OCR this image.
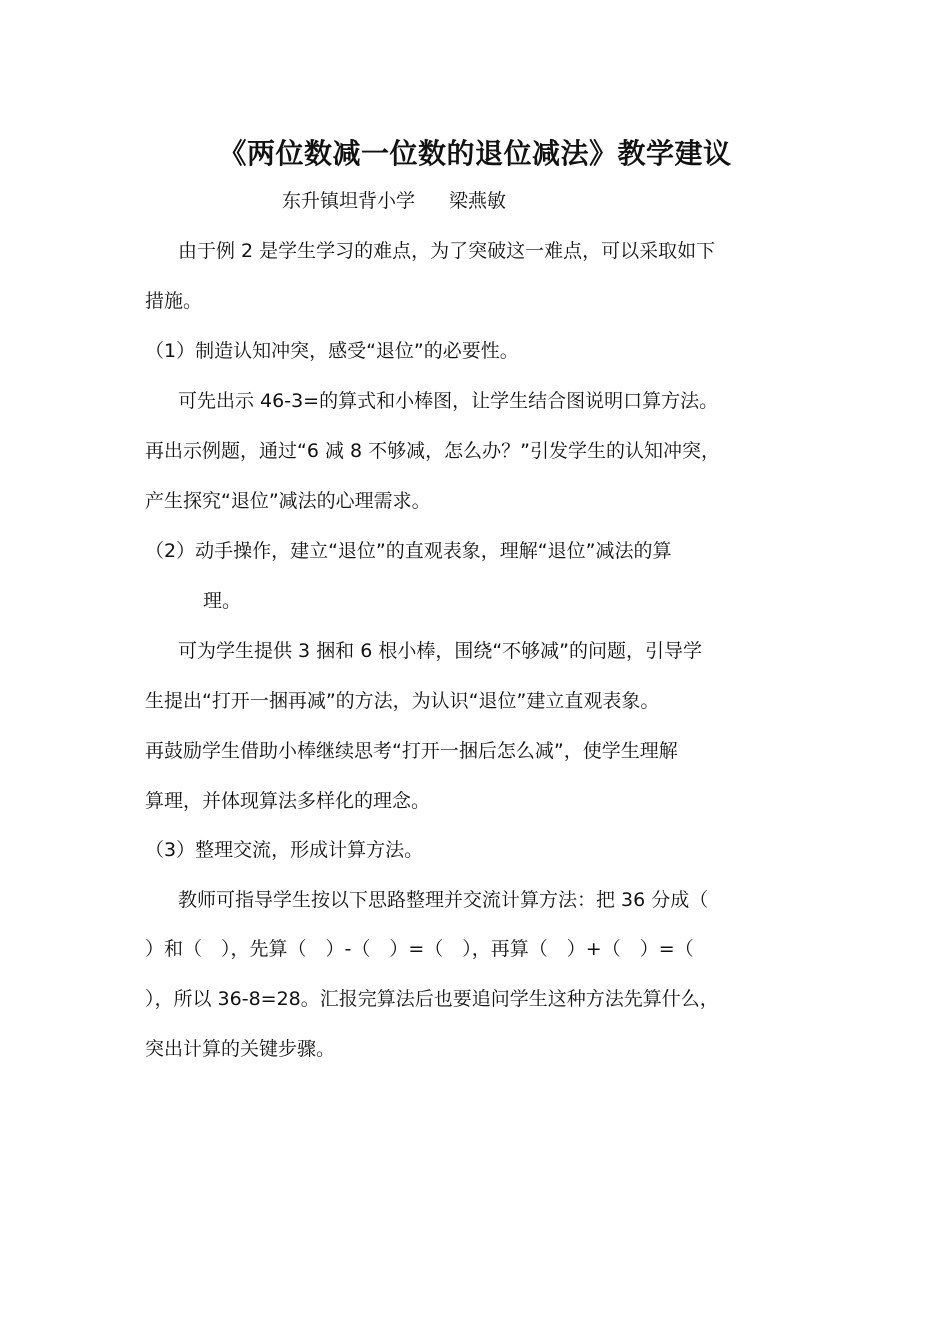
《两位数减一位数的退位减法》教学建议
东升镇坦背小学 梁燕敏
由于例 2 是学生学习的难点，为了突破这一难点，可以采取如下
措施。
（1）制造认知冲突，感受“退位”的必要性。
可先出示 46-3=的算式和小棒图，让学生结合图说明口算方法。
再出示例题，通过“6 减 8 不够减，怎么办？”引发学生的认知冲突，
产生探究“退位”减法的心理需求。
（2）动手操作，建立“退位”的直观表象，理解“退位”减法的算
理。
可为学生提供 3 捆和 6 根小棒，围绕“不够减”的问题，引导学
生提出“打开一捆再减”的方法，为认识“退位”建立直观表象。
再鼓励学生借助小棒继续思考“打开一捆后怎么减”，使学生理解
算理，并体现算法多样化的理念。
（3）整理交流，形成计算方法。
教师可指导学生按以下思路整理并交流计算方法：把 36 分成（
）和（　），先算（　）-（　）=（　），再算（　）+（　）=（
），所以 36-8=28。汇报完算法后也要追问学生这种方法先算什么，
突出计算的关键步骤。
